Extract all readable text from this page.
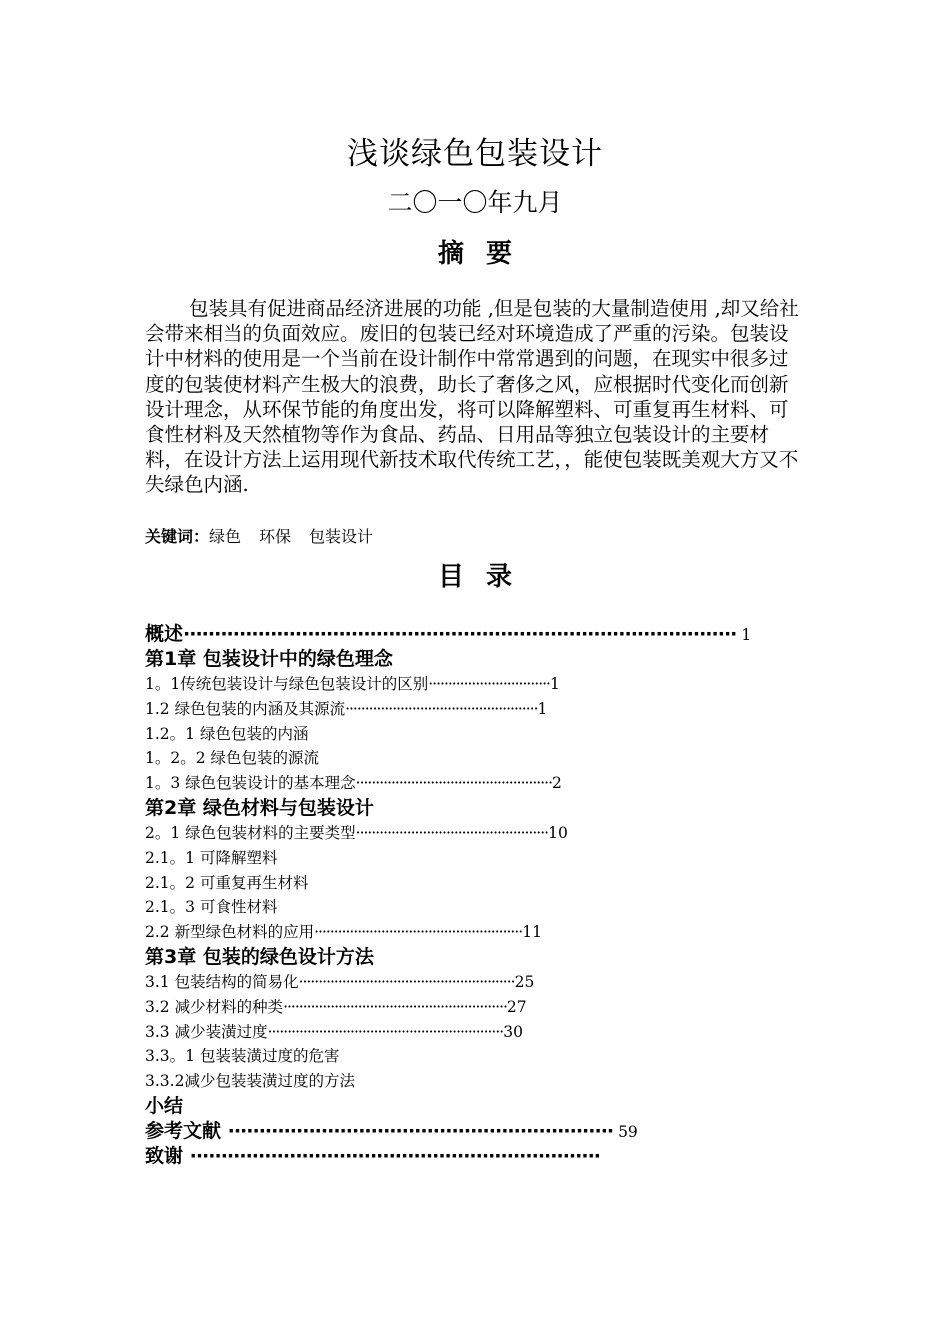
浅谈绿色包装设计
二〇一〇年九月
摘要

包装具有促进商品经济进展的功能 ,但是包装的大量制造使用 ,却又给社会带来相当的负面效应。废旧的包装已经对环境造成了严重的污染。包装设计中材料的使用是一个当前在设计制作中常常遇到的问题，在现实中很多过度的包装使材料产生极大的浪费，助长了奢侈之风，应根据时代变化而创新设计理念，从环保节能的角度出发，将可以降解塑料、可重复再生材料、可食性材料及天然植物等作为食品、药品、日用品等独立包装设计的主要材料，在设计方法上运用现代新技术取代传统工艺，，能使包装既美观大方又不失绿色内涵.

关键词：绿色 环保 包装设计
目录
概述························································································· 1
第1章 包装设计中的绿色理念
1。1传统包装设计与绿色包装设计的区别·······························1
1.2 绿色包装的内涵及其源流·················································1
1.2。1 绿色包装的内涵
1。2。2 绿色包装的源流
1。3 绿色包装设计的基本理念··················································2
第2章 绿色材料与包装设计
2。1 绿色包装材料的主要类型·················································10
2.1。1 可降解塑料
2.1。2 可重复再生材料
2.1。3 可食性材料
2.2 新型绿色材料的应用·····················································11
第3章 包装的绿色设计方法
3.1 包装结构的简易化·······················································25
3.2 减少材料的种类·························································27
3.3 减少装潢过度····························································30
3.3。1 包装装潢过度的危害
3.3.2减少包装装潢过度的方法
小结
参考文献 ······························································ 59
致谢 ··································································
